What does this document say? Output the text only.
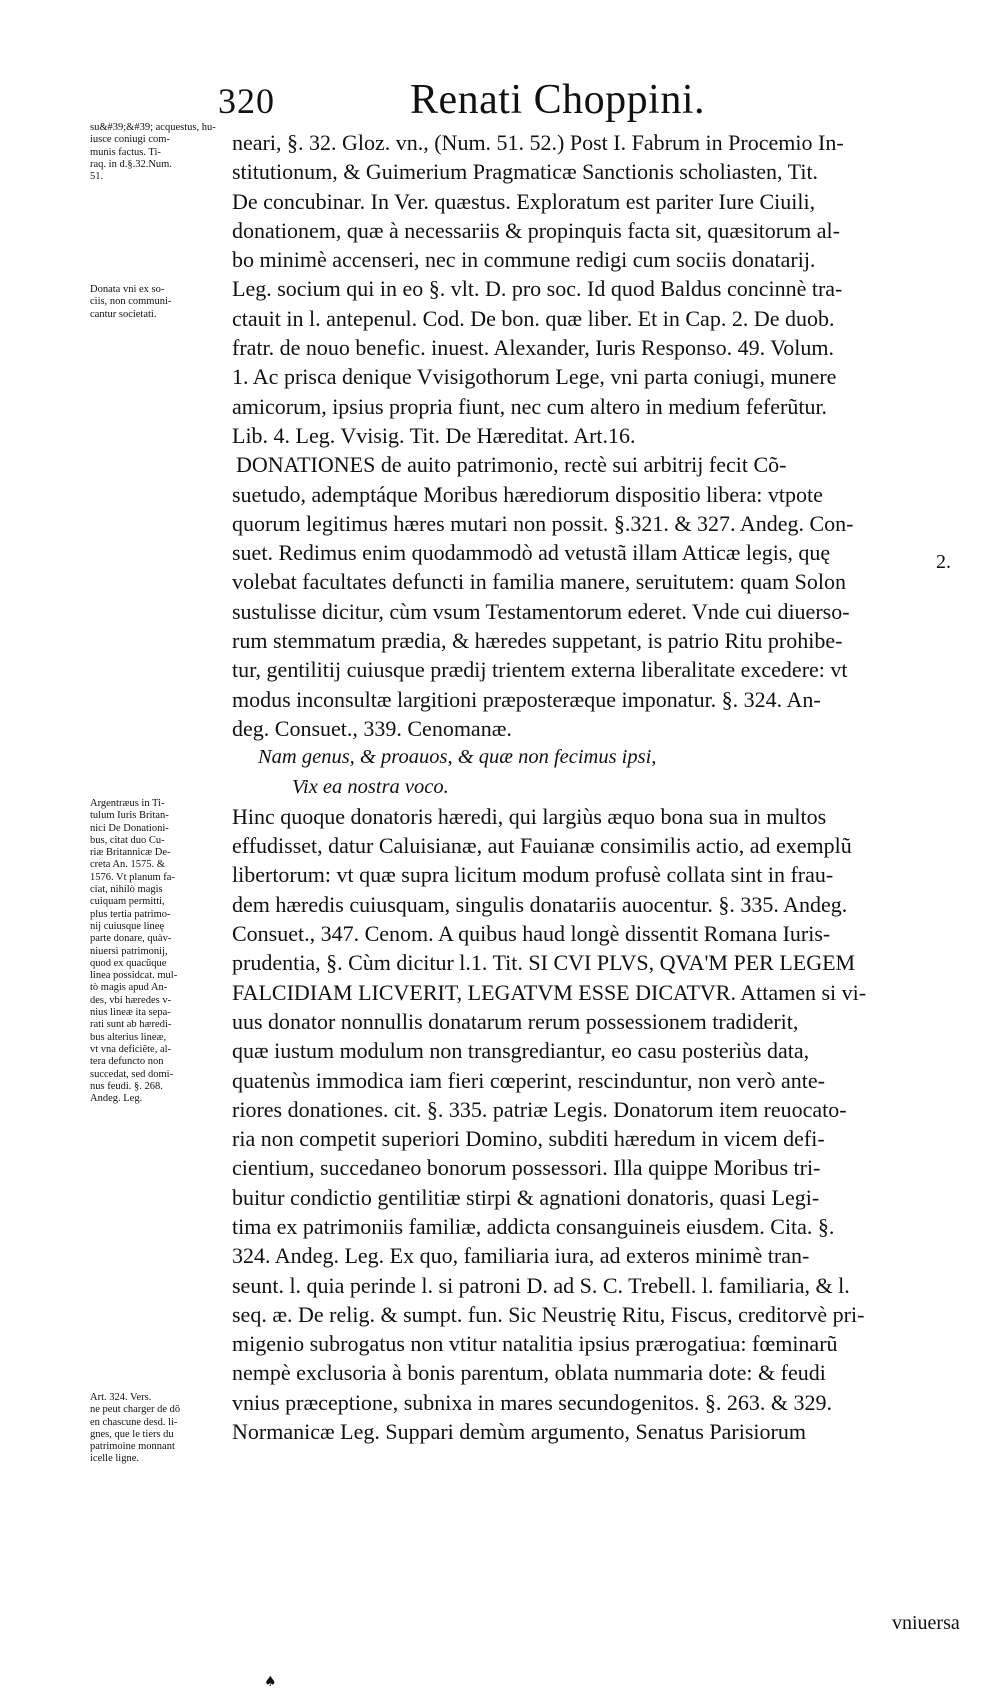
320	Renati Choppini.
su&#39;&#39; acquestus, hu-
iusce coniugi com-
munis factus. Ti-
raq. in d.§.32.Num.
51.
Donata vni ex so-
ciis, non communi-
cantur societati.
Argentræus in Ti-
tulum Iuris Britan-
nici De Donationi-
bus, citat duo Cu-
riæ Britannicæ De-
creta An. 1575. &
1576. Vt planum fa-
ciat, nihilò magis
cuiquam permitti,
plus tertia patrimo-
nij cuiusque lineę
parte donare, quàv-
niuersi patrimonij,
quod ex quacũque
linea possidcat. mul-
tò magis apud An-
des, vbi hæredes v-
nius lineæ ita sepa-
rati sunt ab hæredi-
bus alterius lineæ,
vt vna deficiẽte, al-
tera defuncto non
succedat, sed domi-
nus feudi. §. 268.
Andeg. Leg.
Art. 324. Vers.
ne peut charger de dõ
en chascune desd. li-
gnes, que le tiers du
patrimoine monnant
icelle ligne.
neari, §. 32. Gloz. vn., (Num. 51. 52.) Post I. Fabrum in Procemio In-
stitutionum, & Guimerium Pragmaticæ Sanctionis scholiasten, Tit.
De concubinar. In Ver. quæstus. Exploratum est pariter Iure Ciuili,
donationem, quæ à necessariis & propinquis facta sit, quæsitorum al-
bo minimè accenseri, nec in commune redigi cum sociis donatarij.
Leg. socium qui in eo §. vlt. D. pro soc. Id quod Baldus concinnè tra-
ctauit in l. antepenul. Cod. De bon. quæ liber. Et in Cap. 2. De duob.
fratr. de nouo benefic. inuest. Alexander, Iuris Responso. 49. Volum.
1. Ac prisca denique Vvisigothorum Lege, vni parta coniugi, munere
amicorum, ipsius propria fiunt, nec cum altero in medium feferũtur.
Lib. 4. Leg. Vvisig. Tit. De Hæreditat. Art.16.
DONATIONES de auito patrimonio, rectè sui arbitrij fecit Cõ-
suetudo, ademptáque Moribus hærediorum dispositio libera: vtpote
quorum legitimus hæres mutari non possit. §.321. & 327. Andeg. Con-
suet. Redimus enim quodammodò ad vetustã illam Atticæ legis, quę
volebat facultates defuncti in familia manere, seruitutem: quam Solon
sustulisse dicitur, cùm vsum Testamentorum ederet. Vnde cui diuerso-
rum stemmatum prædia, & hæredes suppetant, is patrio Ritu prohibe-
tur, gentilitij cuiusque prædij trientem externa liberalitate excedere: vt
modus inconsultæ largitioni præposteræque imponatur. §. 324. An-
deg. Consuet., 339. Cenomanæ.
Nam genus, & proauos, & quæ non fecimus ipsi,
Vix ea nostra voco.
Hinc quoque donatoris hæredi, qui largiùs æquo bona sua in multos
effudisset, datur Caluisianæ, aut Fauianæ consimilis actio, ad exemplũ
libertorum: vt quæ supra licitum modum profusè collata sint in frau-
dem hæredis cuiusquam, singulis donatariis auocentur. §. 335. Andeg.
Consuet., 347. Cenom. A quibus haud longè dissentit Romana Iuris-
prudentia, §. Cùm dicitur l.1. Tit. SI CVI PLVS, QVA'M PER LEGEM
FALCIDIAM LICVERIT, LEGATVM ESSE DICATVR. Attamen si vi-
uus donator nonnullis donatarum rerum possessionem tradiderit,
quæ iustum modulum non transgrediantur, eo casu posteriùs data,
quatenùs immodica iam fieri cœperint, rescinduntur, non verò ante-
riores donationes. cit. §. 335. patriæ Legis. Donatorum item reuocato-
ria non competit superiori Domino, subditi hæredum in vicem defi-
cientium, succedaneo bonorum possessori. Illa quippe Moribus tri-
buitur condictio gentilitiæ stirpi & agnationi donatoris, quasi Legi-
tima ex patrimoniis familiæ, addicta consanguineis eiusdem. Cita. §.
324. Andeg. Leg. Ex quo, familiaria iura, ad exteros minimè tran-
seunt. l. quia perinde l. si patroni D. ad S. C. Trebell. l. familiaria, & l.
seq. æ. De relig. & sumpt. fun. Sic Neustrię Ritu, Fiscus, creditorvè pri-
migenio subrogatus non vtitur natalitia ipsius prærogatiua: fœminarũ
nempè exclusoria à bonis parentum, oblata nummaria dote: & feudi
vnius præceptione, subnixa in mares secundogenitos. §. 263. & 329.
Normanicæ Leg. Suppari demùm argumento, Senatus Parisiorum
2.
vniuersa
♠
